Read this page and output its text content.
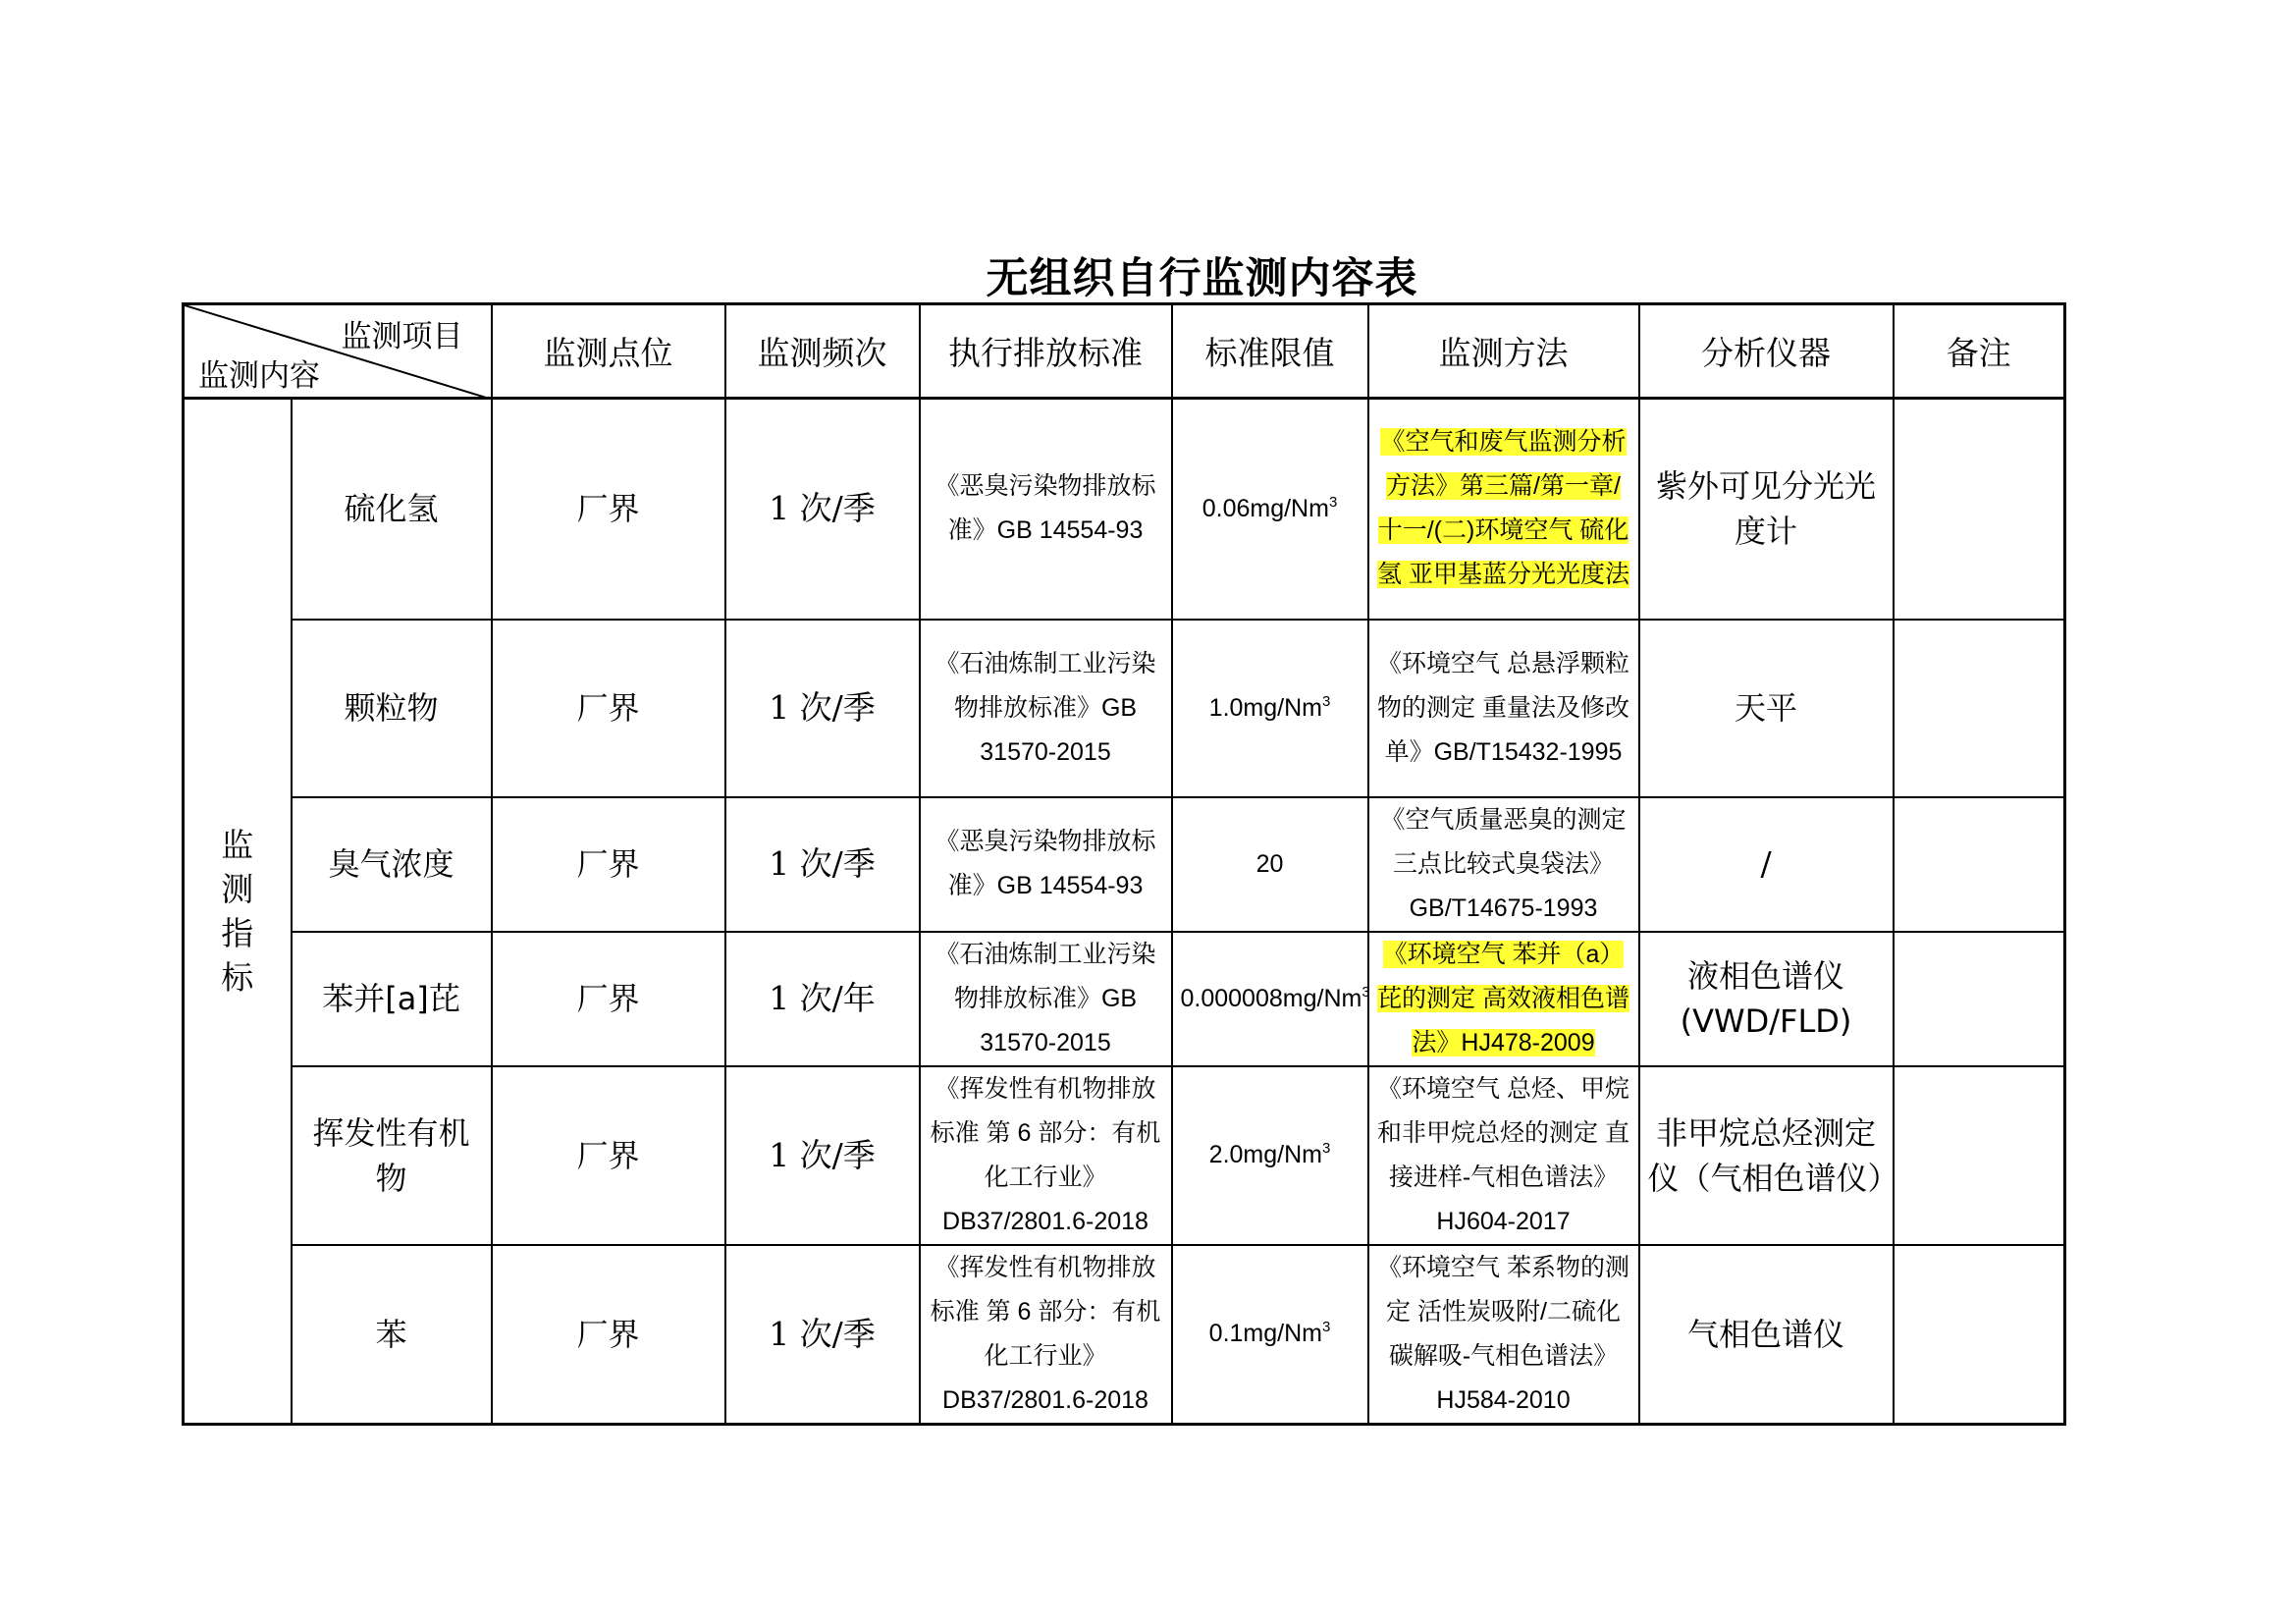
无组织自行监测内容表
监测项目
监测内容		监测点位	监测频次	执行排放标准	标准限值	监测方法	分析仪器	备注

监测指标	硫化氢	厂界	1 次/季	《恶臭污染物排放标准》GB 14554-93	0.06mg/Nm$^3$	《空气和废气监测分析方法》第三篇/第一章/十一/(二)环境空气 硫化氢 亚甲基蓝分光光度法	紫外可见分光光度计	
	颗粒物	厂界	1 次/季	《石油炼制工业污染物排放标准》GB 31570-2015	1.0mg/Nm$^3$	《环境空气 总悬浮颗粒物的测定 重量法及修改单》GB/T15432-1995	天平	
	臭气浓度	厂界	1 次/季	《恶臭污染物排放标准》GB 14554-93	20	《空气质量恶臭的测定 三点比较式臭袋法》GB/T14675-1993	/	
	苯并[a]芘	厂界	1 次/年	《石油炼制工业污染物排放标准》GB 31570-2015	0.000008mg/Nm$^3$	《环境空气 苯并（a）芘的测定 高效液相色谱法》HJ478-2009	液相色谱仪(VWD/FLD)	
	挥发性有机物	厂界	1 次/季	《挥发性有机物排放标准 第 6 部分：有机化工行业》DB37/2801.6-2018	2.0mg/Nm$^3$	《环境空气 总烃、甲烷和非甲烷总烃的测定 直接进样-气相色谱法》HJ604-2017	非甲烷总烃测定仪（气相色谱仪）	
	苯	厂界	1 次/季	《挥发性有机物排放标准 第 6 部分：有机化工行业》DB37/2801.6-2018	0.1mg/Nm$^3$	《环境空气 苯系物的测定 活性炭吸附/二硫化碳解吸-气相色谱法》HJ584-2010	气相色谱仪	
